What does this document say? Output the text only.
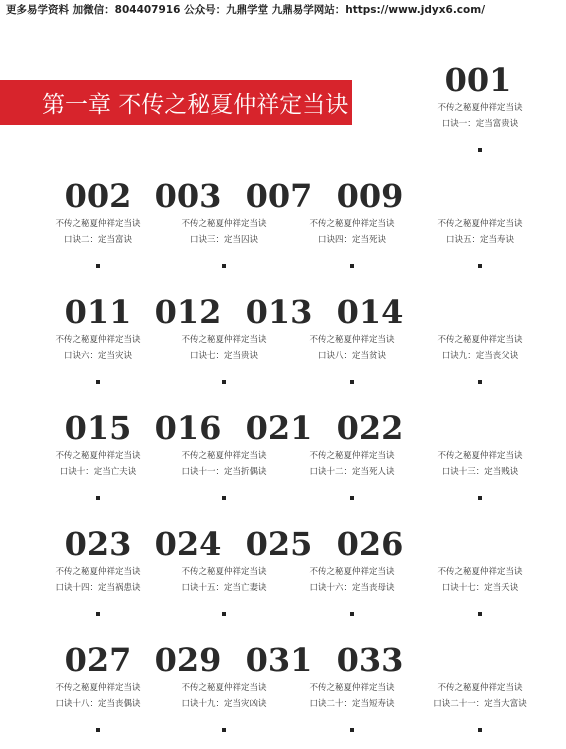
更多易学资料 加微信：804407916 公众号：九鼎学堂 九鼎易学网站：https://www.jdyx6.com/
第一章 不传之秘夏仲祥定当诀
001
不传之秘夏仲祥定当诀
口诀一：定当富贵诀
002 003 007 009
不传之秘夏仲祥定当诀
口诀二：定当富诀
不传之秘夏仲祥定当诀
口诀三：定当囚诀
不传之秘夏仲祥定当诀
口诀四：定当死诀
不传之秘夏仲祥定当诀
口诀五：定当寿诀
011 012 013 014
不传之秘夏仲祥定当诀
口诀六：定当灾诀
不传之秘夏仲祥定当诀
口诀七：定当贵诀
不传之秘夏仲祥定当诀
口诀八：定当贫诀
不传之秘夏仲祥定当诀
口诀九：定当丧父诀
015 016 021 022
不传之秘夏仲祥定当诀
口诀十：定当亡夫诀
不传之秘夏仲祥定当诀
口诀十一：定当折偶诀
不传之秘夏仲祥定当诀
口诀十二：定当死人诀
不传之秘夏仲祥定当诀
口诀十三：定当贱诀
023 024 025 026
不传之秘夏仲祥定当诀
口诀十四：定当祸患诀
不传之秘夏仲祥定当诀
口诀十五：定当亡妻诀
不传之秘夏仲祥定当诀
口诀十六：定当丧母诀
不传之秘夏仲祥定当诀
口诀十七：定当夭诀
027 029 031 033
不传之秘夏仲祥定当诀
口诀十八：定当丧偶诀
不传之秘夏仲祥定当诀
口诀十九：定当灾凶诀
不传之秘夏仲祥定当诀
口诀二十：定当短寿诀
不传之秘夏仲祥定当诀
口诀二十一：定当大富诀
